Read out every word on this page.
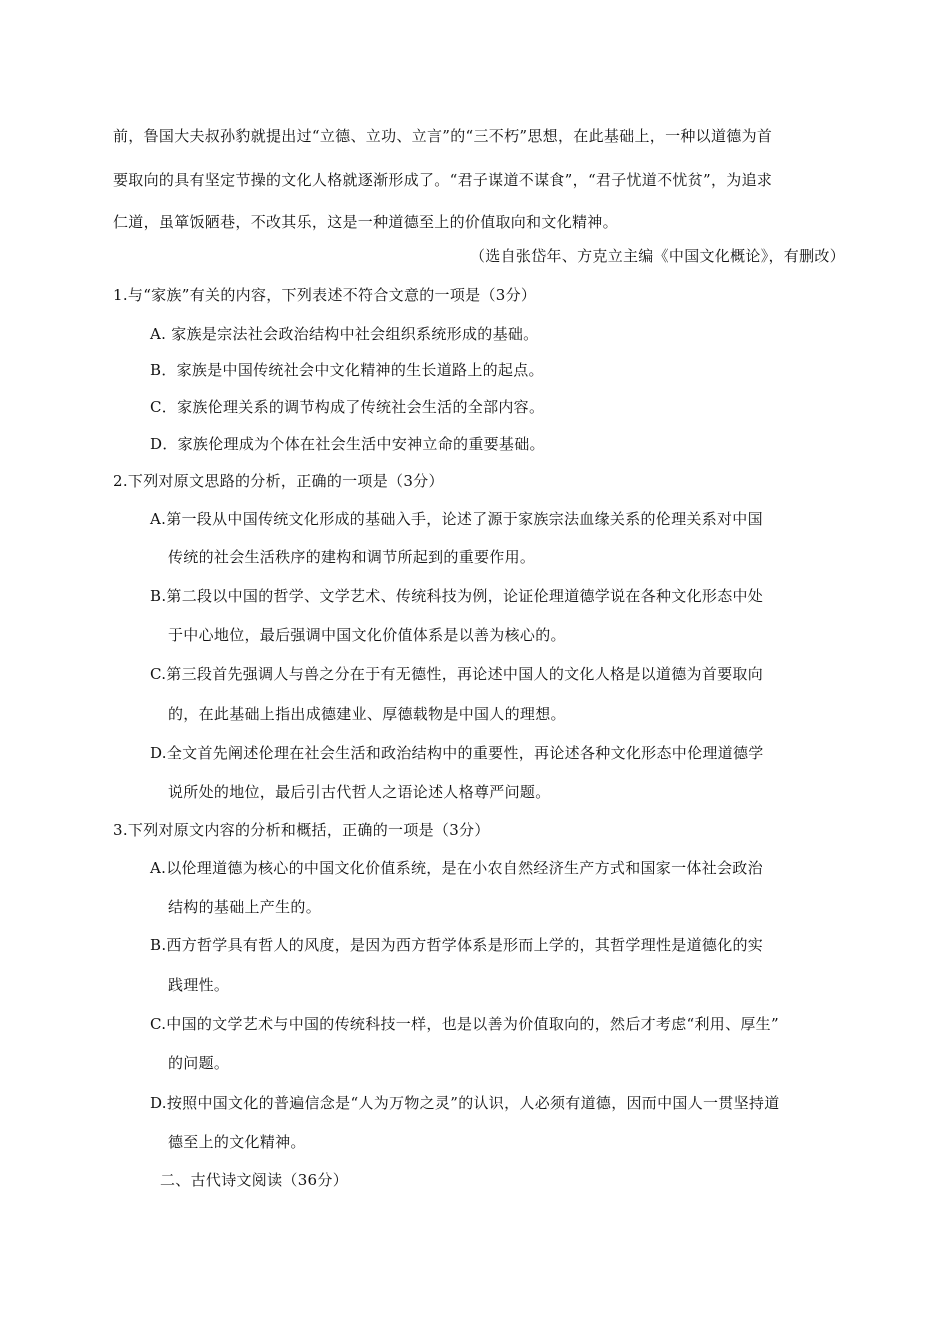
前，鲁国大夫叔孙豹就提出过“立德、立功、立言”的“三不朽”思想，在此基础上，一种以道德为首
要取向的具有坚定节操的文化人格就逐渐形成了。“君子谋道不谋食”，“君子忧道不忧贫”，为追求
仁道，虽箪饭陋巷，不改其乐，这是一种道德至上的价值取向和文化精神。
（选自张岱年、方克立主编《中国文化概论》，有删改）
1.与“家族”有关的内容，下列表述不符合文意的一项是（3分）
A. 家族是宗法社会政治结构中社会组织系统形成的基础。
B．家族是中国传统社会中文化精神的生长道路上的起点。
C．家族伦理关系的调节构成了传统社会生活的全部内容。
D．家族伦理成为个体在社会生活中安神立命的重要基础。
2.下列对原文思路的分析，正确的一项是（3分）
A.第一段从中国传统文化形成的基础入手，论述了源于家族宗法血缘关系的伦理关系对中国
传统的社会生活秩序的建构和调节所起到的重要作用。
B.第二段以中国的哲学、文学艺术、传统科技为例，论证伦理道德学说在各种文化形态中处
于中心地位，最后强调中国文化价值体系是以善为核心的。
C.第三段首先强调人与兽之分在于有无德性，再论述中国人的文化人格是以道德为首要取向
的，在此基础上指出成德建业、厚德载物是中国人的理想。
D.全文首先阐述伦理在社会生活和政治结构中的重要性，再论述各种文化形态中伦理道德学
说所处的地位，最后引古代哲人之语论述人格尊严问题。
3.下列对原文内容的分析和概括，正确的一项是（3分）
A.以伦理道德为核心的中国文化价值系统，是在小农自然经济生产方式和国家一体社会政治
结构的基础上产生的。
B.西方哲学具有哲人的风度，是因为西方哲学体系是形而上学的，其哲学理性是道德化的实
践理性。
C.中国的文学艺术与中国的传统科技一样，也是以善为价值取向的，然后才考虑“利用、厚生”
的问题。
D.按照中国文化的普遍信念是“人为万物之灵”的认识，人必须有道德，因而中国人一贯坚持道
德至上的文化精神。
二、古代诗文阅读（36分）
